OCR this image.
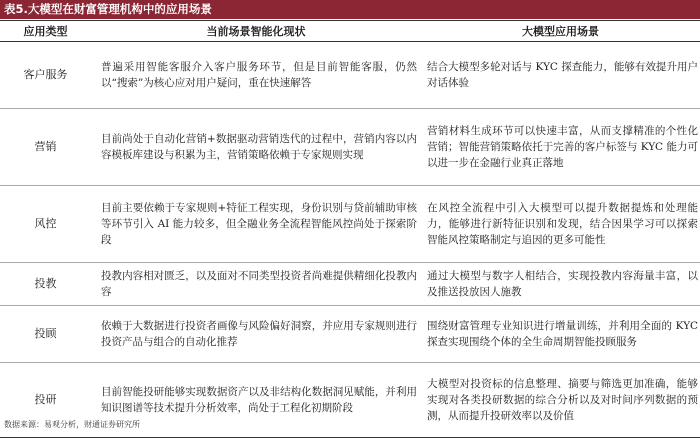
表5.大模型在财富管理机构中的应用场景
应用类型	当前场景智能化现状	大模型应用场景
客户服务	普遍采用智能客服介入客户服务环节，但是目前智能客服，仍然以“搜索”为核心应对用户疑问，重在快速解答	结合大模型多轮对话与 KYC 探查能力，能够有效提升用户对话体验
营销	目前尚处于自动化营销+数据驱动营销迭代的过程中，营销内容以内容模板库建设与积累为主，营销策略依赖于专家规则实现	营销材料生成环节可以快速丰富，从而支撑精准的个性化营销；智能营销策略依托于完善的客户标签与 KYC 能力可以进一步在金融行业真正落地
风控	目前主要依赖于专家规则+特征工程实现，身份识别与贷前辅助审核等环节引入 AI 能力较多，但全融业务全流程智能风控尚处于探索阶段	在风控全流程中引入大模型可以提升数据提炼和处理能力，能够进行新特征识别和发现，结合因果学习可以探索智能风控策略制定与追因的更多可能性
投教	投教内容相对匮乏，以及面对不同类型投资者尚难提供精细化投教内容	通过大模型与数字人相结合，实现投教内容海量丰富，以及推送投放因人施教
投顾	依赖于大数据进行投资者画像与风险偏好洞察，并应用专家规则进行投资产品与组合的自动化推荐	围绕财富管理专业知识进行增量训练，并利用全面的 KYC 探查实现围绕个体的全生命周期智能投顾服务
投研	目前智能投研能够实现数据资产以及非结构化数据洞见赋能，并利用知识图谱等技术提升分析效率，尚处于工程化初期阶段	大模型对投资标的信息整理、摘要与筛选更加准确，能够实现对各类投研数据的综合分析以及对时间序列数据的预测，从而提升投研效率以及价值
数据来源：易观分析，财通证券研究所
